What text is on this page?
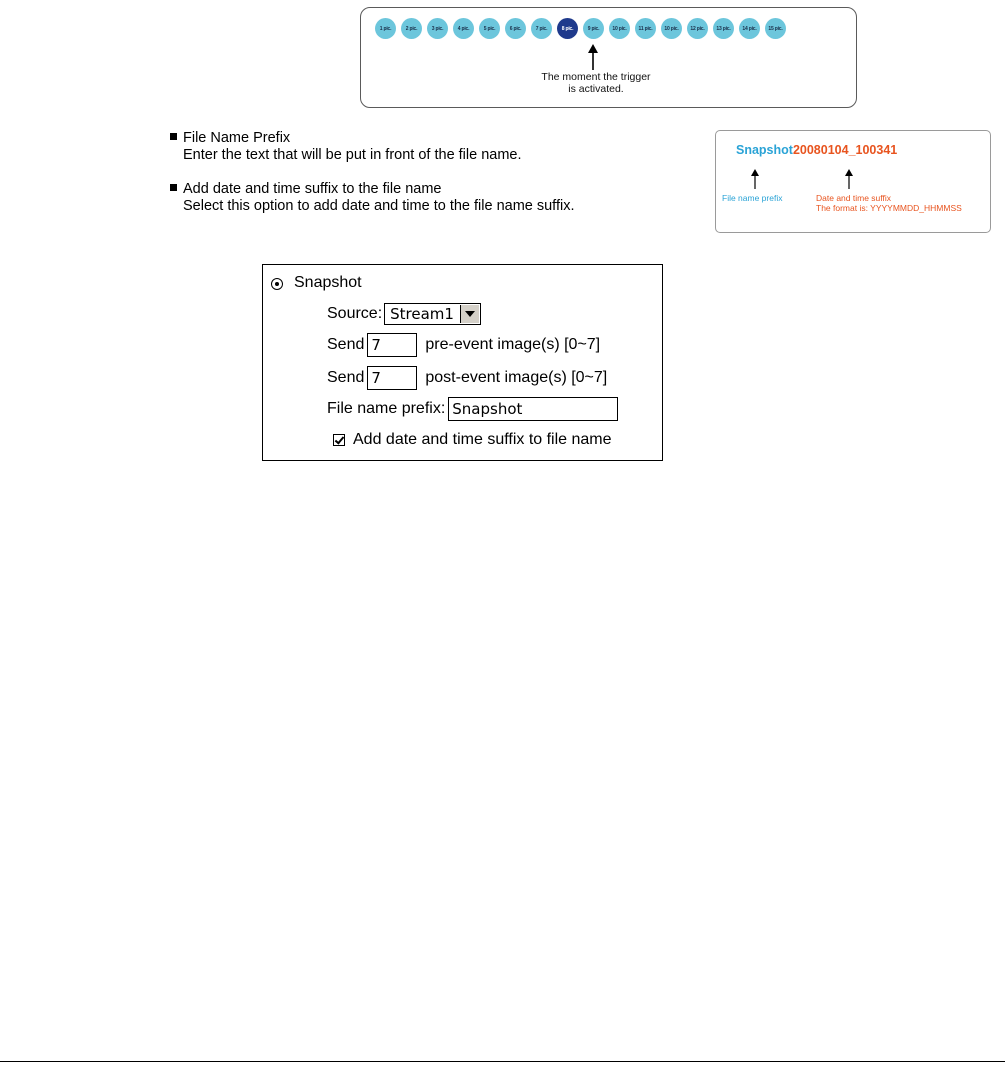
1 pic.	2 pic.	3 pic.	4 pic.	5 pic.	6 pic.	7 pic.	8 pic.	9 pic.	10 pic.	11 pic.	10 pic.	12 pic.	13 pic.	14 pic.	15 pic.
The moment the trigger
is activated.
File Name Prefix
Enter the text that will be put in front of the file name.
Add date and time suffix to the file name
Select this option to add date and time to the file name suffix.
Snapshot20080104_100341
File name prefix	Date and time suffix
The format is: YYYYMMDD_HHMMSS
Snapshot
Source: Stream1
Send 7	pre-event image(s) [0~7]
Send 7	post-event image(s) [0~7]
File name prefix: Snapshot
Add date and time suffix to file name
